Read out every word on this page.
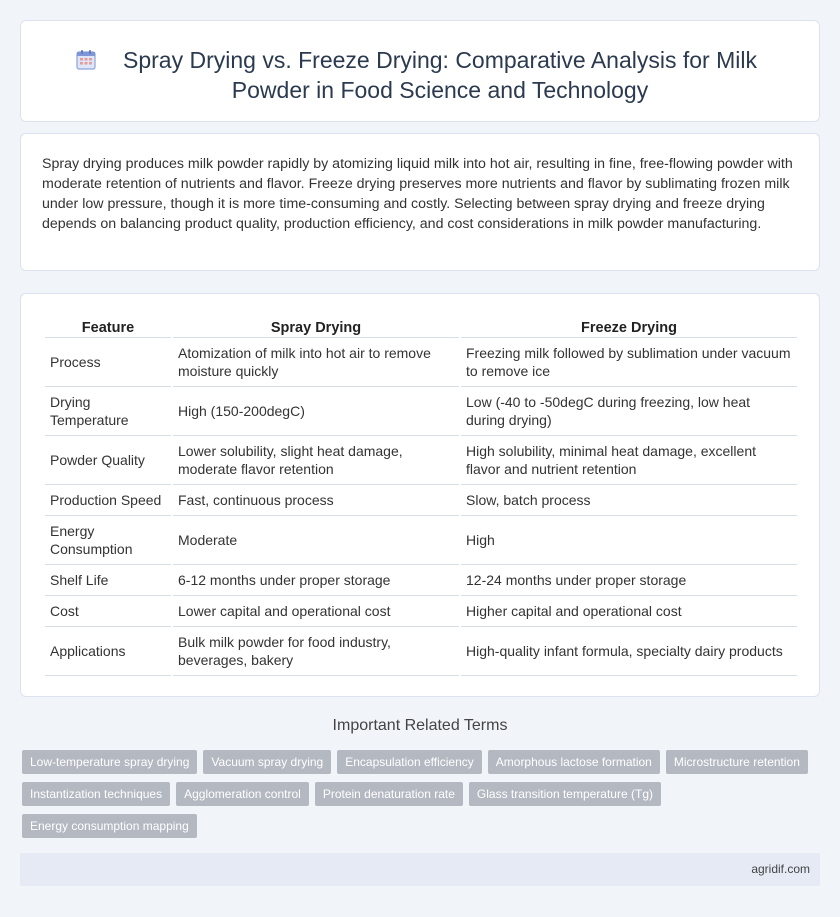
Spray Drying vs. Freeze Drying: Comparative Analysis for Milk Powder in Food Science and Technology

Spray drying produces milk powder rapidly by atomizing liquid milk into hot air, resulting in fine, free-flowing powder with moderate retention of nutrients and flavor. Freeze drying preserves more nutrients and flavor by sublimating frozen milk under low pressure, though it is more time-consuming and costly. Selecting between spray drying and freeze drying depends on balancing product quality, production efficiency, and cost considerations in milk powder manufacturing.

Feature	Spray Drying	Freeze Drying
Process	Atomization of milk into hot air to remove moisture quickly	Freezing milk followed by sublimation under vacuum to remove ice
Drying Temperature	High (150-200degC)	Low (-40 to -50degC during freezing, low heat during drying)
Powder Quality	Lower solubility, slight heat damage, moderate flavor retention	High solubility, minimal heat damage, excellent flavor and nutrient retention
Production Speed	Fast, continuous process	Slow, batch process
Energy Consumption	Moderate	High
Shelf Life	6-12 months under proper storage	12-24 months under proper storage
Cost	Lower capital and operational cost	Higher capital and operational cost
Applications	Bulk milk powder for food industry, beverages, bakery	High-quality infant formula, specialty dairy products
Important Related Terms
Low-temperature spray drying	Vacuum spray drying	Encapsulation efficiency	Amorphous lactose formation	Microstructure retention
Instantization techniques	Agglomeration control	Protein denaturation rate	Glass transition temperature (Tg)
Energy consumption mapping
agridif.com
